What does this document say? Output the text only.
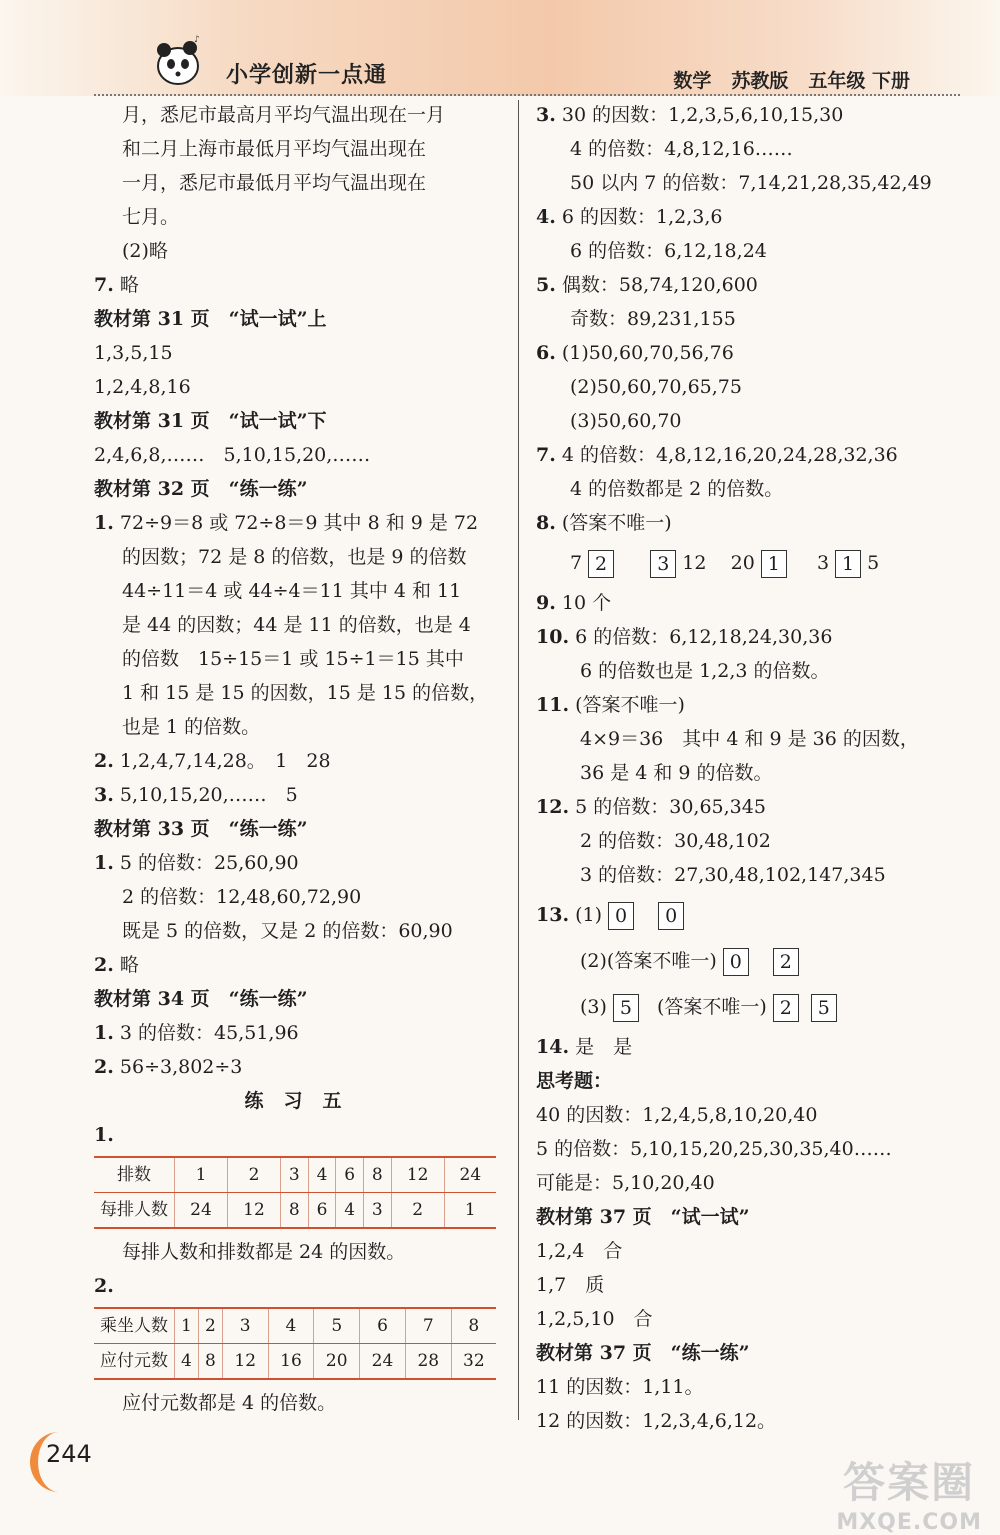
♪
小学创新一点通	数学 苏教版 五年级 下册
月，悉尼市最高月平均气温出现在一月
和二月上海市最低月平均气温出现在
一月，悉尼市最低月平均气温出现在
七月。
(2)略
7. 略
教材第 31 页　“试一试”上
1,3,5,15
1,2,4,8,16
教材第 31 页　“试一试”下
2,4,6,8,……　5,10,15,20,……
教材第 32 页　“练一练”
1. 72÷9＝8 或 72÷8＝9 其中 8 和 9 是 72
的因数；72 是 8 的倍数，也是 9 的倍数
44÷11＝4 或 44÷4＝11 其中 4 和 11
是 44 的因数；44 是 11 的倍数，也是 4
的倍数　15÷15＝1 或 15÷1＝15 其中
1 和 15 是 15 的因数，15 是 15 的倍数，
也是 1 的倍数。
2. 1,2,4,7,14,28。　1　28
3. 5,10,15,20,……　5
教材第 33 页　“练一练”
1. 5 的倍数：25,60,90
2 的倍数：12,48,60,72,90
既是 5 的倍数，又是 2 的倍数：60,90
2. 略
教材第 34 页　“练一练”
1. 3 的倍数：45,51,96
2. 56÷3,802÷3
练习五
1.
排数	1	2	3	4	6	8	12	24
每排人数	24	12	8	6	4	3	2	1
每排人数和排数都是 24 的因数。
2.
乘坐人数	1	2	3	4	5	6	7	8
应付元数	4	8	12	16	20	24	28	32
应付元数都是 4 的倍数。
3. 30 的因数：1,2,3,5,6,10,15,30
4 的倍数：4,8,12,16……
50 以内 7 的倍数：7,14,21,28,35,42,49
4. 6 的因数：1,2,3,6
6 的倍数：6,12,18,24
5. 偶数：58,74,120,600
奇数：89,231,155
6. (1)50,60,70,56,76
(2)50,60,70,65,75
(3)50,60,70
7. 4 的倍数：4,8,12,16,20,24,28,32,36
4 的倍数都是 2 的倍数。
8. (答案不唯一)
7 2	3 12 20 1 3 1 5
9. 10 个
10. 6 的倍数：6,12,18,24,30,36
6 的倍数也是 1,2,3 的倍数。
11. (答案不唯一)
4×9＝36　其中 4 和 9 是 36 的因数，
36 是 4 和 9 的倍数。
12. 5 的倍数：30,65,345
2 的倍数：30,48,102
3 的倍数：27,30,48,102,147,345
13. (1) 0 0
(2)(答案不唯一) 0 2
(3) 5 (答案不唯一) 2 5
14. 是　是
思考题：
40 的因数：1,2,4,5,8,10,20,40
5 的倍数：5,10,15,20,25,30,35,40……
可能是：5,10,20,40
教材第 37 页　“试一试”
1,2,4　合
1,7　质
1,2,5,10　合
教材第 37 页　“练一练”
11 的因数：1,11。
12 的因数：1,2,3,4,6,12。
244
答案圈
MXQE.COM
